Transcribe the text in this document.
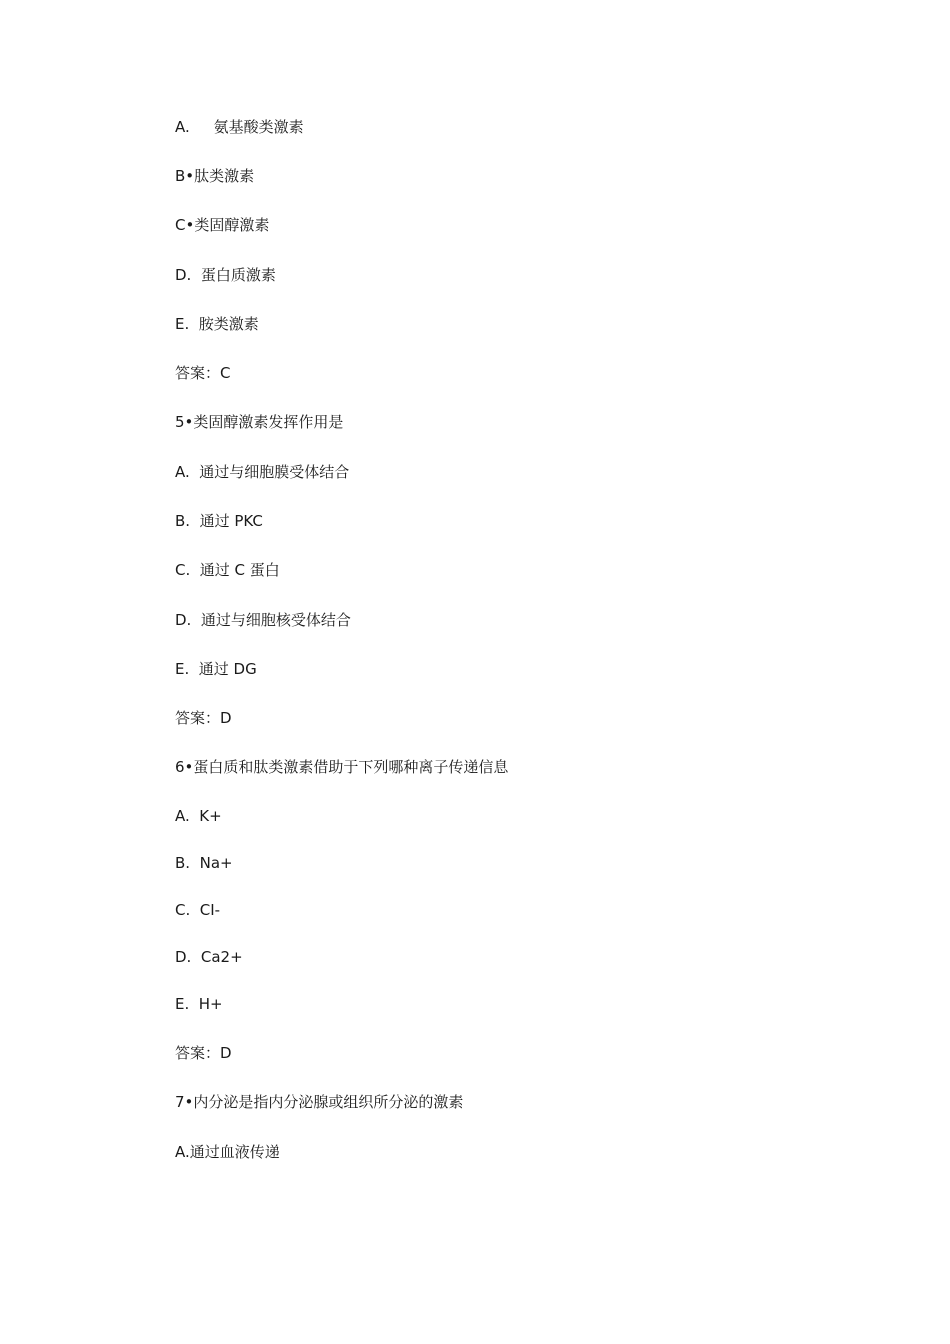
A.     氨基酸类激素
B•肽类激素
C•类固醇激素
D.  蛋白质激素
E.  胺类激素
答案：C
5•类固醇激素发挥作用是
A.  通过与细胞膜受体结合
B.  通过 PKC
C.  通过 C 蛋白
D.  通过与细胞核受体结合
E.  通过 DG
答案：D
6•蛋白质和肽类激素借助于下列哪种离子传递信息
A.  K+
B.  Na+
C.  CI-
D.  Ca2+
E.  H+
答案：D
7•内分泌是指内分泌腺或组织所分泌的激素
A.通过血液传递
